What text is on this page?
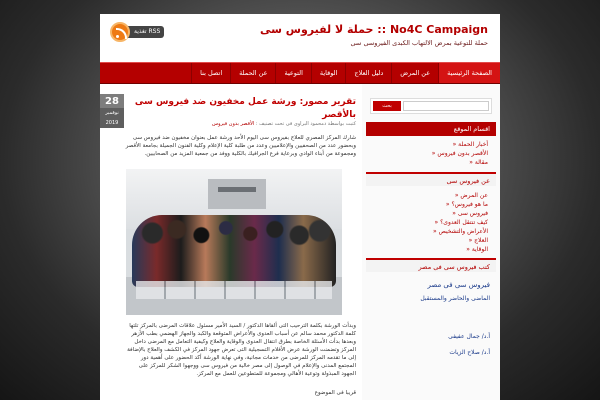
No4C Campaign :: حملة لا لفيروس سى
حملة للتوعية بمرض الالتهاب الكبدى الفيروسى سى
تغذية RSS
الصفحة الرئيسية
عن المرض
دليل العلاج
الوقاية
التوعية
عن الحملة
اتصل بنا
28
نوفمبر 2019
تقرير مصور: ورشة عمل مخفيون ضد فيروس سى بالأقصر
كتبت بواسطة دمحمود البراوى فى تحت تصنيف : الأقصر بدون فيروس
شارك المركز المصري للعلاج بفيروس سى اليوم الأحد ورشة عمل بعنوان مخفيون ضد فيروس سى وبحضور عدد من الصحفيين والإعلاميين وعدد من طلبة كلية الإعلام وكلية الفنون الجميلة بجامعة الأقصر ومجموعة من أبناء الوادي وبرعاية فرع الجرافيك بالكلية ووفد من جمعية المزيد من الصحابيين.
وبدأت الورشة بكلمة الترحيب التى ألقاها الدكتور / السيد الأمير مسئول علاقات المرضى بالمركز تلتها كلمة الدكتور محمد سالم عن أسباب العدوى والأعراض المتوقعة والكبد والجهاز الهضمي بطب الأزهر وبعدها بدأت الأسئلة الخاصة بطرق انتقال العدوى والوقاية والعلاج وكيفية التعامل مع المرضى داخل المركز وتضمنت الورشة عرض الأفلام التسجيلية التى تعرض جهود المركز في الكشف والعلاج بالإضافة إلى ما تقدمه المركز للمرضى من خدمات مجانية، وفي نهاية الورشة أكد الحضور على أهمية دور المجتمع المدنى والإعلام في الوصول إلى مصر خالية من فيروس سى ووجهوا الشكر للمركز على الجهود المبذولة وتوعية الأهالي ومجموعة للمتطوعين للعمل مع المركز.
قريبا فى الموضوع
بحث
اقسام الموقع
أخبار الحملة «
الأقصر بدون فيروس «
مقالة «
عن فيروس سى
عن المرض «
ما هو فيروس؟ «
فيروس سى «
كيف تنتقل العدوى؟ «
الأعراض والتشخيص «
العلاج «
الوقاية «
كتب فيروس سى فى مصر
فيروس سى فى مصر
الماضى والحاضر والمستقبل
أ.د/ جمال عفيفى
أ.د/ صلاح الزيات
